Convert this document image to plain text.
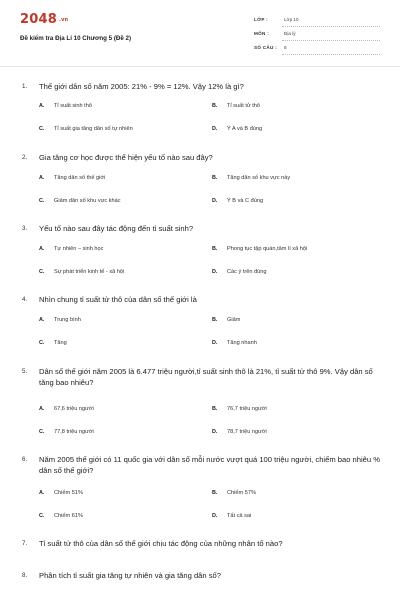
2048 .vn
Đề kiểm tra Địa Lí 10 Chương 5 (Đề 2)
LỚP :	Lớp 10
MÔN :	Địa lý
SỐ CÂU : 8
1. Thế giới dân số năm 2005: 21% - 9% = 12%. Vậy 12% là gì?
A. Tỉ suất sinh thô	B. Tỉ suất tử thô
C. Tỉ suất gia tăng dân số tự nhiên	D. Ý A và B đúng
2. Gia tăng cơ học được thể hiện yếu tố nào sau đây?
A. Tăng dân số thế giới	B. Tăng dân số khu vực này
C. Giảm dân số khu vực khác	D. Ý B và C đúng
3. Yếu tố nào sau đây tác động đến tỉ suất sinh?
A. Tự nhiên – sinh học	B. Phong tục tập quán,tâm lí xã hội
C. Sự phát triển kinh tế - xã hội	D. Các ý trên đúng
4. Nhìn chung tỉ suất tử thô của dân số thế giới là
A. Trung bình	B. Giảm
C. Tăng	D. Tăng nhanh
5. Dân số thế giới năm 2005 là 6.477 triệu người,tỉ suất sinh thô là 21%, tỉ suất tử thô 9%. Vậy dân số tăng bao nhiêu?
A. 67,6 triệu người	B. 76,7 triệu người
C. 77,8 triệu người	D. 78,7 triệu người
6. Năm 2005 thế giới có 11 quốc gia với dân số mỗi nước vượt quá 100 triệu người, chiếm bao nhiêu % dân số thế giới?
A. Chiếm 51%	B. Chiếm 57%
C. Chiếm 61%	D. Tất cả sai
7. Tỉ suất tử thô của dân số thế giới chịu tác động của những nhân tố nào?
8. Phân tích tỉ suất gia tăng tự nhiên và gia tăng dân số?
